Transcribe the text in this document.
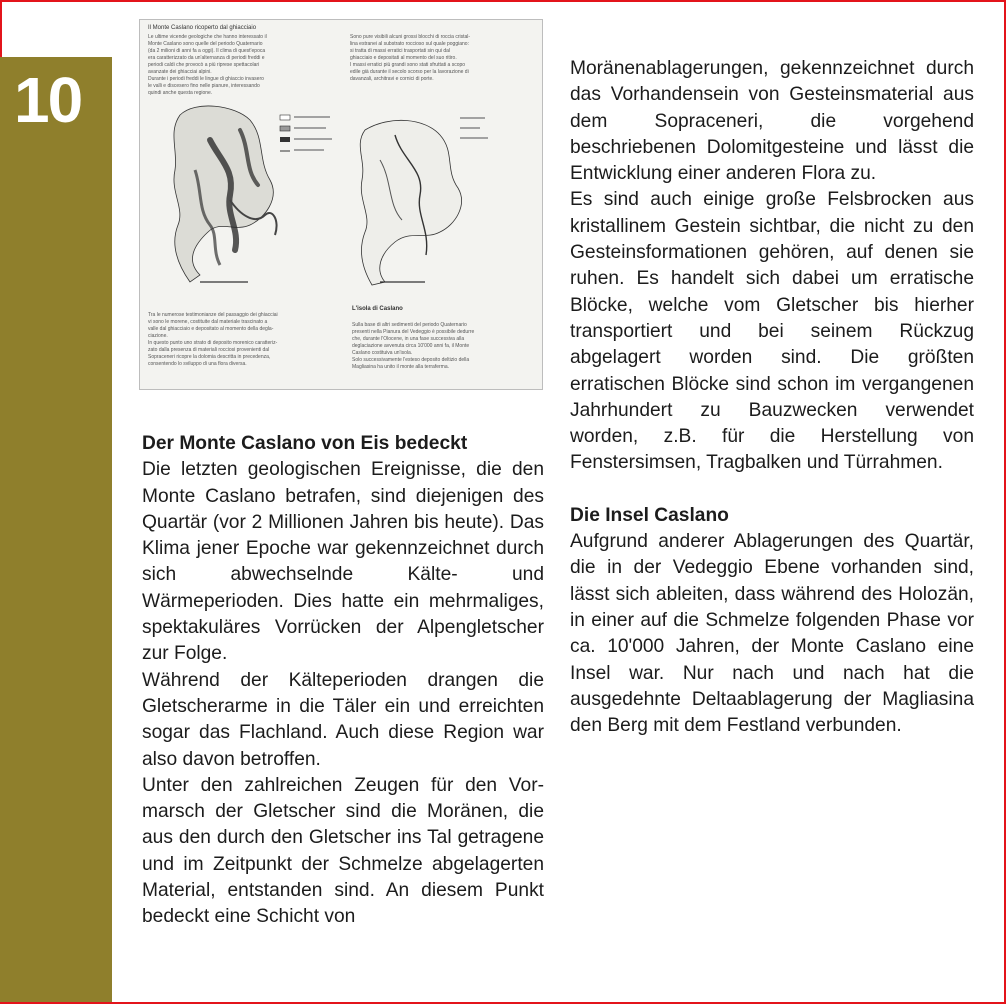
10
Il Monte Caslano ricoperto dal ghiacciaio
Le ultime vicende geologiche che hanno interessato il
Monte Caslano sono quelle del periodo Quaternario
(da 2 milioni di anni fa a oggi). Il clima di quest'epoca
era caratterizzato da un'alternanza di periodi freddi e
periodi caldi che provocò a più riprese spettacolari
avanzate dei ghiacciai alpini.
Durante i periodi freddi le lingue di ghiaccio invasero
le valli e discesero fino nelle pianure, interessando
quindi anche questa regione.
Sono pure visibili alcuni grossi blocchi di roccia cristal-
lina estranei al substrato roccioso sul quale poggiano:
si tratta di massi erratici trasportati sin qui dal
ghiacciaio e depositati al momento del suo ritiro.
I massi erratici più grandi sono stati sfruttati a scopo
edile già durante il secolo scorso per la lavorazione di
davanzali, architravi e cornici di porte.
Tra le numerose testimonianze del passaggio dei ghiacciai
vi sono le morene, costituite dal materiale trascinato a
valle dal ghiacciaio e depositato al momento della degla-
ciazione.
In questo punto uno strato di deposito morenico caratteriz-
zato dalla presenza di materiali rocciosi provenienti dal
Sopraceneri ricopre la dolomia descritta in precedenza,
consentendo lo sviluppo di una flora diversa.
L'isola di Caslano
Sulla base di altri sedimenti del periodo Quaternario
presenti nella Pianura del Vedeggio è possibile dedurre
che, durante l'Olocene, in una fase successiva alla
deglaciazione avvenuta circa 10'000 anni fa, il Monte
Caslano costituiva un'isola.
Solo successivamente l'esteso deposito deltizio della
Magliasina ha unito il monte alla terraferma.

Der Monte Caslano von Eis bedeckt

Die letzten geologischen Ereignisse, die den Monte Caslano betrafen, sind diejenigen des Quartär (vor 2 Millionen Jahren bis heute). Das Klima jener Epoche war gekennzeichnet durch sich abwechselnde Kälte- und Wärmeperioden. Dies hatte ein mehrmaliges, spektakuläres Vorrücken der Alpengletscher zur Folge.

Während der Kälteperioden drangen die Gletscherarme in die Täler ein und erreichten sogar das Flachland. Auch diese Region war also davon betroffen.

Unter den zahlreichen Zeugen für den Vormarsch der Gletscher sind die Moränen, die aus den durch den Gletscher ins Tal getragene und im Zeitpunkt der Schmelze abgelagerten Material, entstanden sind. An diesem Punkt bedeckt eine Schicht von

Moränenablagerungen, gekennzeichnet durch das Vorhandensein von Gesteinsmaterial aus dem Sopraceneri, die vorgehend beschriebenen Dolomitgesteine und lässt die Entwicklung einer anderen Flora zu.

Es sind auch einige große Felsbrocken aus kristallinem Gestein sichtbar, die nicht zu den Gesteinsformationen gehören, auf denen sie ruhen. Es handelt sich dabei um erratische Blöcke, welche vom Gletscher bis hierher transportiert und bei seinem Rückzug abgelagert worden sind. Die größten erratischen Blöcke sind schon im vergangenen Jahrhundert zu Bauzwecken verwendet worden, z.B. für die Herstellung von Fenstersimsen, Tragbalken und Türrahmen.

Die Insel Caslano

Aufgrund anderer Ablagerungen des Quartär, die in der Vedeggio Ebene vorhanden sind, lässt sich ableiten, dass während des Holozän, in einer auf die Schmelze folgenden Phase vor ca. 10'000 Jahren, der Monte Caslano eine Insel war. Nur nach und nach hat die ausgedehnte Deltaablagerung der Magliasina den Berg mit dem Festland verbunden.
